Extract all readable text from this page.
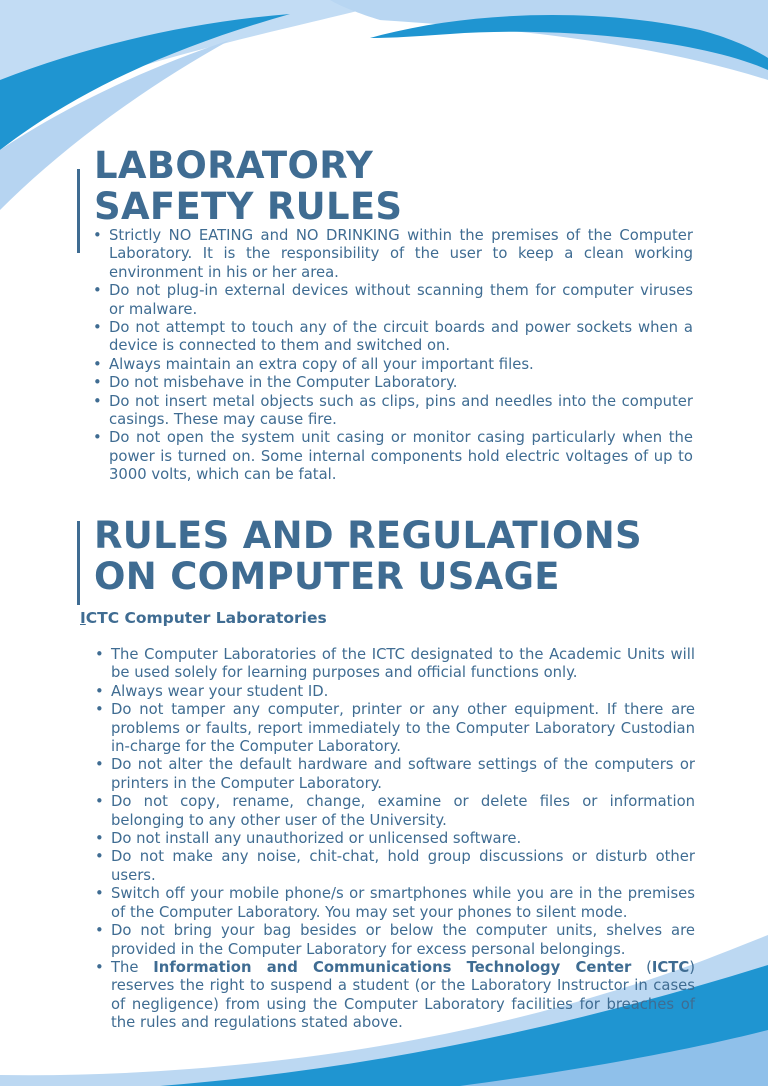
LABORATORY
SAFETY RULES
• Strictly NO EATING and NO DRINKING within the premises of the Computer Laboratory. It is the responsibility of the user to keep a clean working environment in his or her area.
• Do not plug-in external devices without scanning them for computer viruses or malware.
• Do not attempt to touch any of the circuit boards and power sockets when a device is connected to them and switched on.
• Always maintain an extra copy of all your important files.
• Do not misbehave in the Computer Laboratory.
• Do not insert metal objects such as clips, pins and needles into the computer casings. These may cause fire.
• Do not open the system unit casing or monitor casing particularly when the power is turned on. Some internal components hold electric voltages of up to 3000 volts, which can be fatal.
RULES AND REGULATIONS
ON COMPUTER USAGE

ICTC Computer Laboratories

• The Computer Laboratories of the ICTC designated to the Academic Units will be used solely for learning purposes and official functions only.
• Always wear your student ID.
• Do not tamper any computer, printer or any other equipment. If there are problems or faults, report immediately to the Computer Laboratory Custodian in-charge for the Computer Laboratory.
• Do not alter the default hardware and software settings of the computers or printers in the Computer Laboratory.
• Do not copy, rename, change, examine or delete files or information belonging to any other user of the University.
• Do not install any unauthorized or unlicensed software.
• Do not make any noise, chit-chat, hold group discussions or disturb other users.
• Switch off your mobile phone/s or smartphones while you are in the premises of the Computer Laboratory. You may set your phones to silent mode.
• Do not bring your bag besides or below the computer units, shelves are provided in the Computer Laboratory for excess personal belongings.
• The Information and Communications Technology Center (ICTC) reserves the right to suspend a student (or the Laboratory Instructor in cases of negligence) from using the Computer Laboratory facilities for breaches of the rules and regulations stated above.
